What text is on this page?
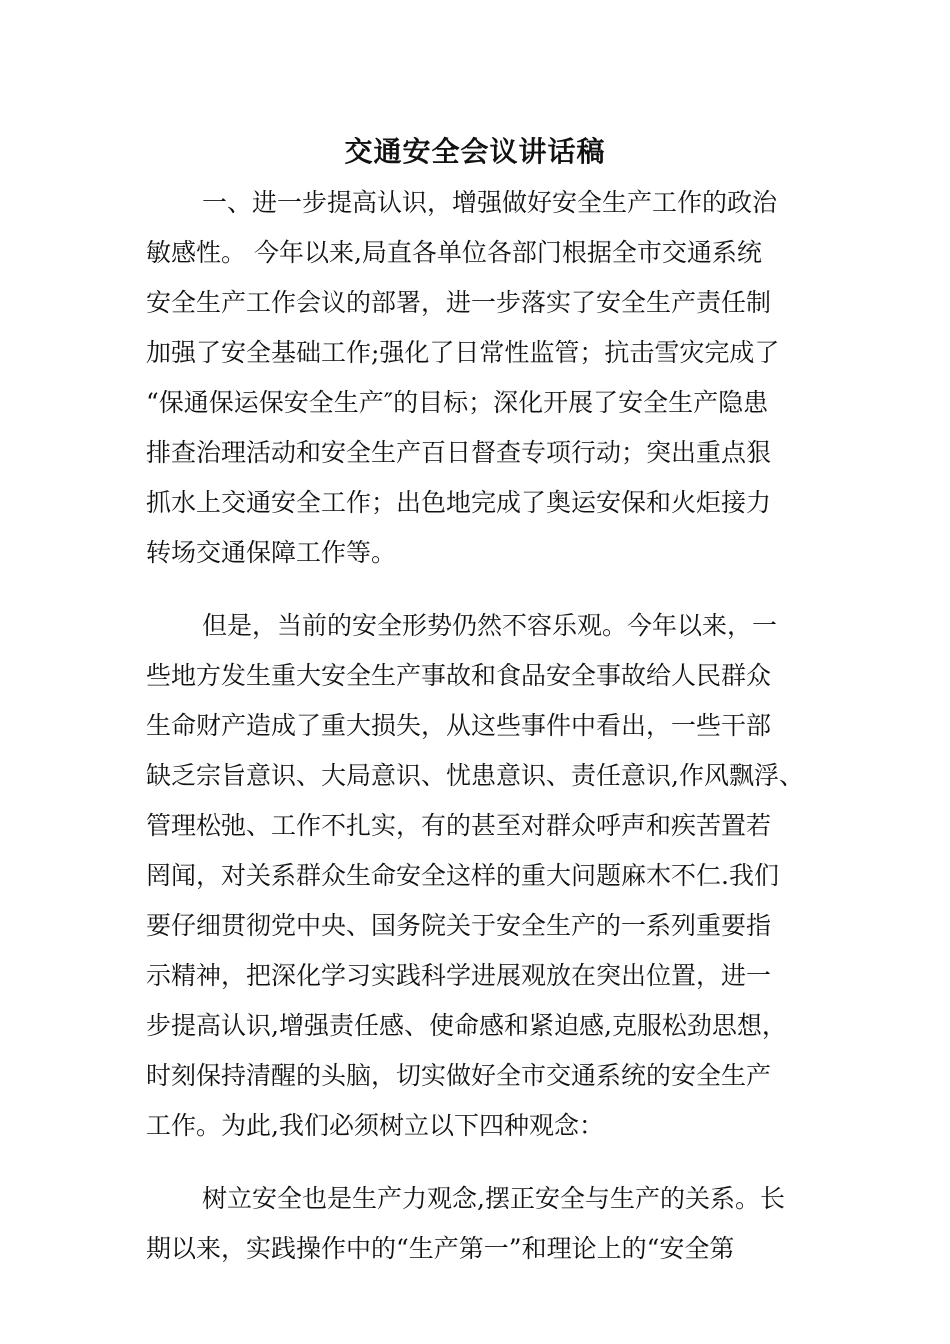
交通安全会议讲话稿
一、进一步提高认识，增强做好安全生产工作的政治
敏感性。 今年以来,局直各单位各部门根据全市交通系统
安全生产工作会议的部署，进一步落实了安全生产责任制
加强了安全基础工作;强化了日常性监管；抗击雪灾完成了
“保通保运保安全生产″的目标；深化开展了安全生产隐患
排查治理活动和安全生产百日督查专项行动；突出重点狠
抓水上交通安全工作；出色地完成了奥运安保和火炬接力
转场交通保障工作等。
但是，当前的安全形势仍然不容乐观。今年以来，一
些地方发生重大安全生产事故和食品安全事故给人民群众
生命财产造成了重大损失，从这些事件中看出，一些干部
缺乏宗旨意识、大局意识、忧患意识、责任意识,作风飘浮、
管理松弛、工作不扎实，有的甚至对群众呼声和疾苦置若
罔闻，对关系群众生命安全这样的重大问题麻木不仁.我们
要仔细贯彻党中央、国务院关于安全生产的一系列重要指
示精神，把深化学习实践科学进展观放在突出位置，进一
步提高认识,增强责任感、使命感和紧迫感,克服松劲思想，
时刻保持清醒的头脑，切实做好全市交通系统的安全生产
工作。为此,我们必须树立以下四种观念：
树立安全也是生产力观念,摆正安全与生产的关系。长
期以来，实践操作中的“生产第一”和理论上的“安全第
